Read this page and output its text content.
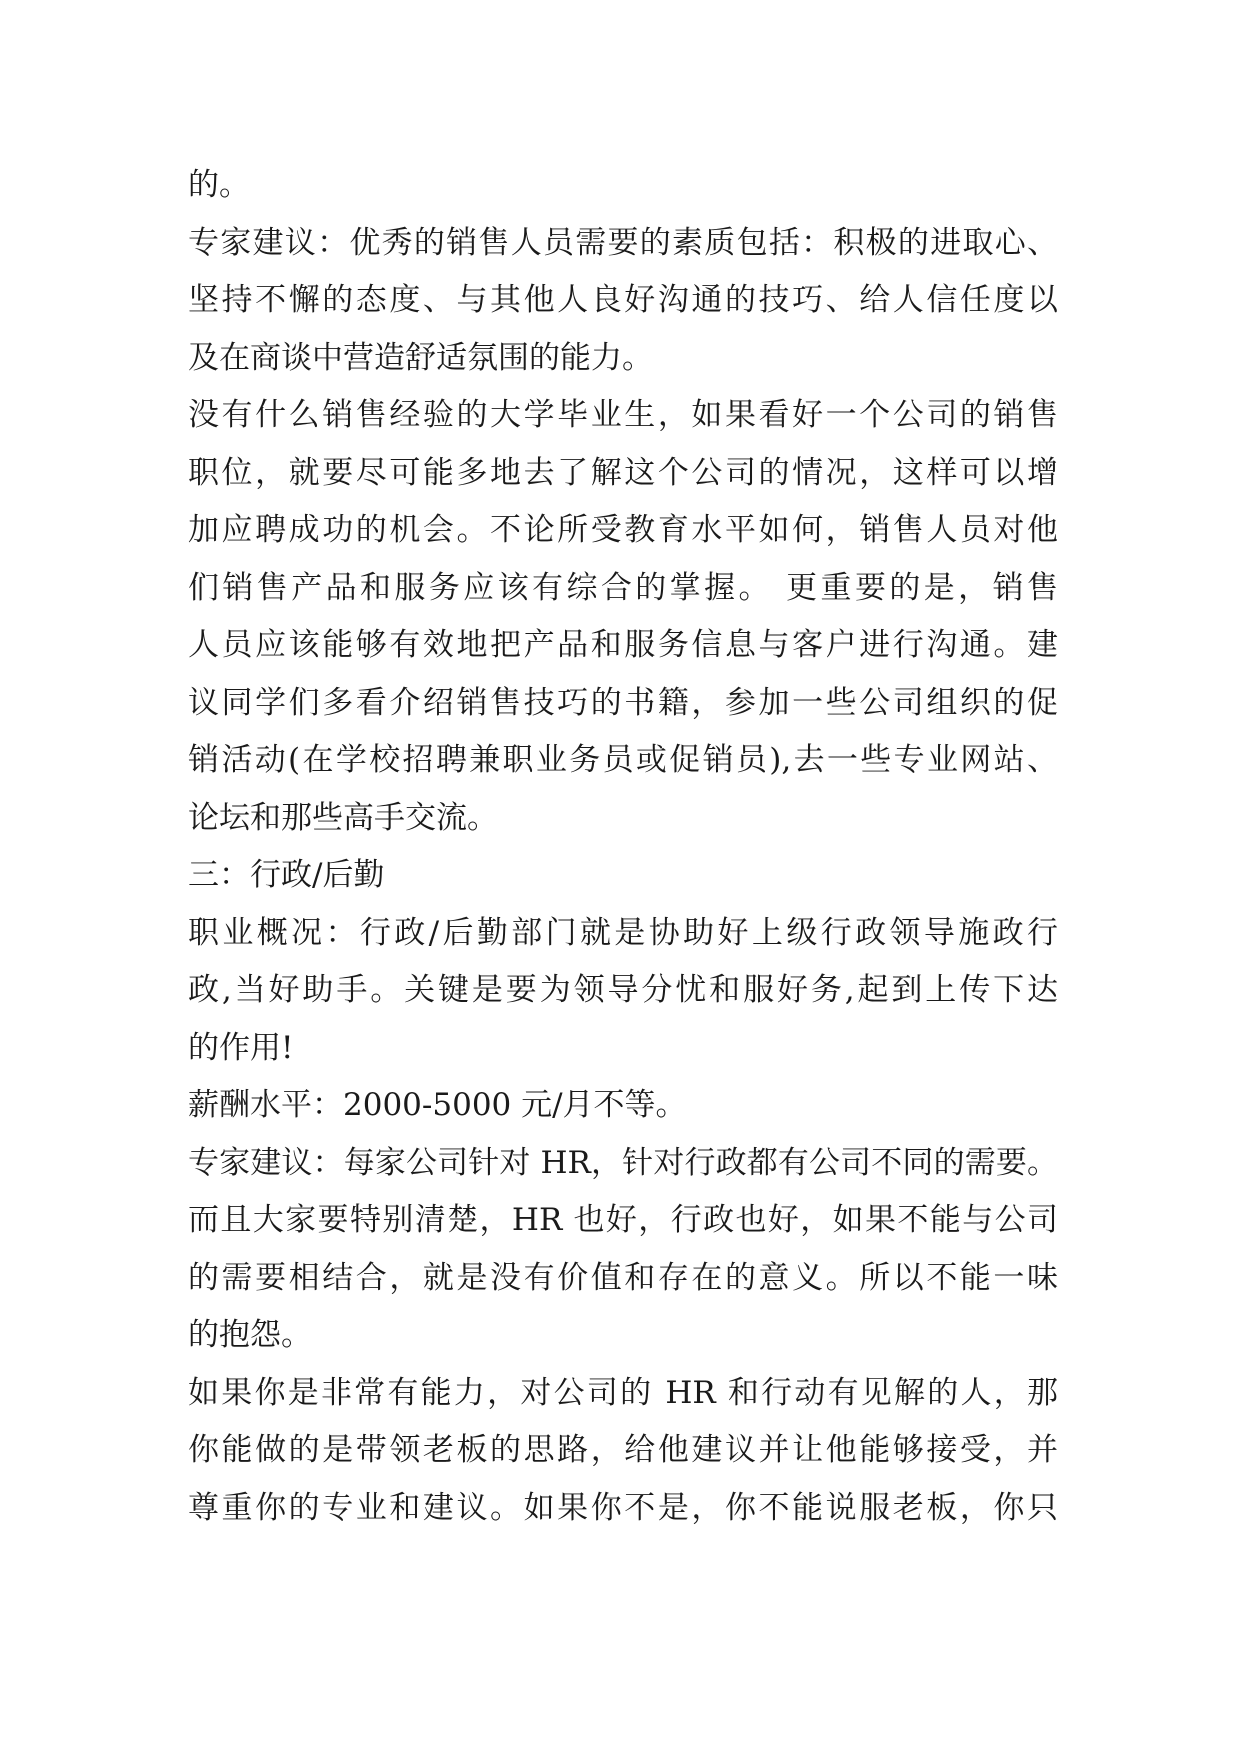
的。
专家建议：优秀的销售人员需要的素质包括：积极的进取心、
坚持不懈的态度、与其他人良好沟通的技巧、给人信任度以
及在商谈中营造舒适氛围的能力。
没有什么销售经验的大学毕业生，如果看好一个公司的销售
职位，就要尽可能多地去了解这个公司的情况，这样可以增
加应聘成功的机会。不论所受教育水平如何，销售人员对他
们销售产品和服务应该有综合的掌握。 更重要的是，销售
人员应该能够有效地把产品和服务信息与客户进行沟通。建
议同学们多看介绍销售技巧的书籍，参加一些公司组织的促
销活动(在学校招聘兼职业务员或促销员),去一些专业网站、
论坛和那些高手交流。
三：行政/后勤
职业概况：行政/后勤部门就是协助好上级行政领导施政行
政,当好助手。关键是要为领导分忧和服好务,起到上传下达
的作用!
薪酬水平：2000-5000 元/月不等。
专家建议：每家公司针对 HR，针对行政都有公司不同的需要。
而且大家要特别清楚，HR 也好，行政也好，如果不能与公司
的需要相结合，就是没有价值和存在的意义。所以不能一味
的抱怨。
如果你是非常有能力，对公司的 HR 和行动有见解的人，那
你能做的是带领老板的思路，给他建议并让他能够接受，并
尊重你的专业和建议。如果你不是，你不能说服老板，你只
